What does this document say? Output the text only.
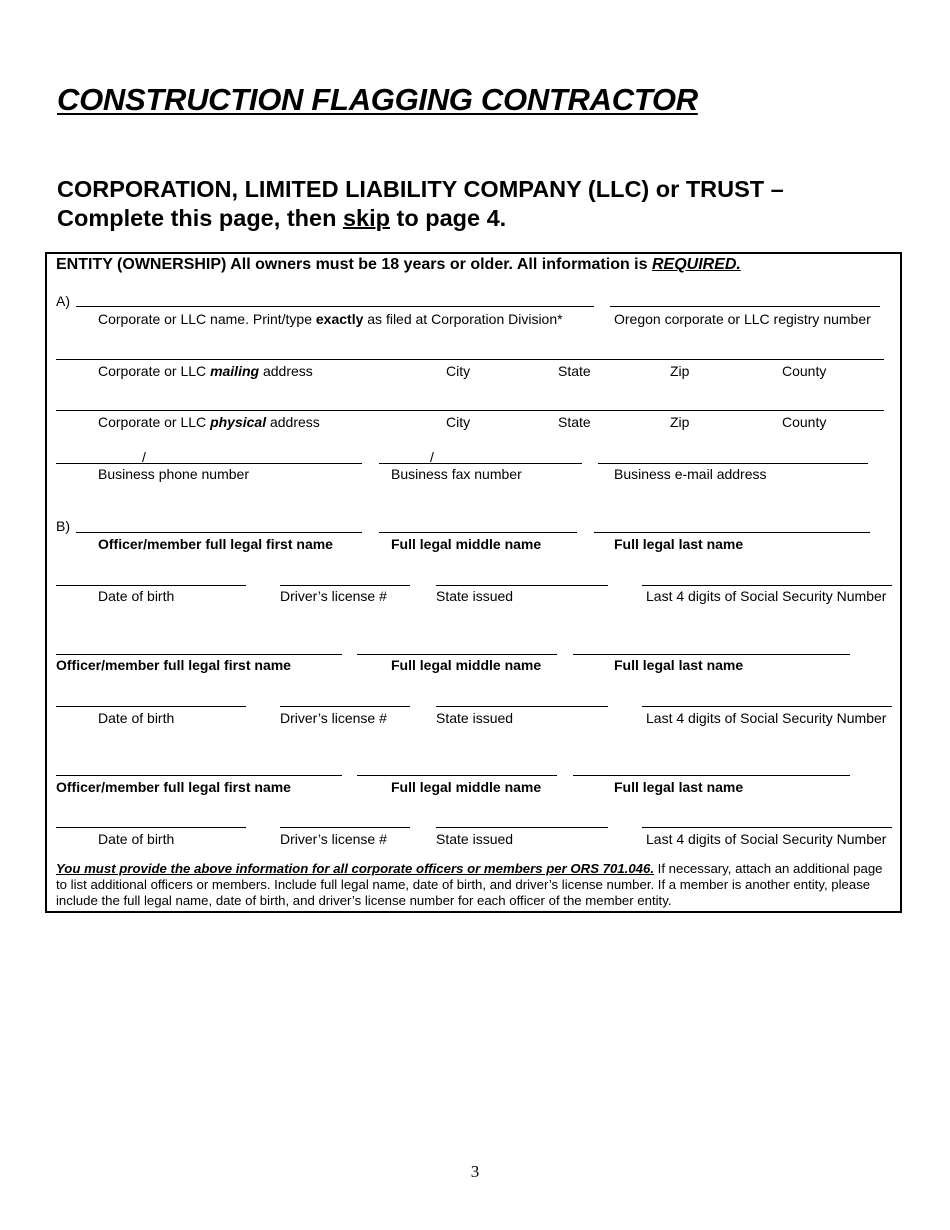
CONSTRUCTION FLAGGING CONTRACTOR
CORPORATION, LIMITED LIABILITY COMPANY (LLC) or TRUST –
Complete this page, then skip to page 4.
ENTITY (OWNERSHIP) All owners must be 18 years or older. All information is REQUIRED.
A)
Corporate or LLC name. Print/type exactly as filed at Corporation Division*	Oregon corporate or LLC registry number
Corporate or LLC mailing address	City	State	Zip	County
Corporate or LLC physical address	City	State	Zip	County
/	/
Business phone number	Business fax number	Business e-mail address
B)
Officer/member full legal first name	Full legal middle name	Full legal last name
Date of birth	Driver’s license #	State issued	Last 4 digits of Social Security Number
Officer/member full legal first name	Full legal middle name	Full legal last name
Date of birth	Driver’s license #	State issued	Last 4 digits of Social Security Number
Officer/member full legal first name	Full legal middle name	Full legal last name
Date of birth	Driver’s license #	State issued	Last 4 digits of Social Security Number
You must provide the above information for all corporate officers or members per ORS 701.046. If necessary, attach an additional page to list additional officers or members. Include full legal name, date of birth, and driver’s license number. If a member is another entity, please include the full legal name, date of birth, and driver’s license number for each officer of the member entity.
3
